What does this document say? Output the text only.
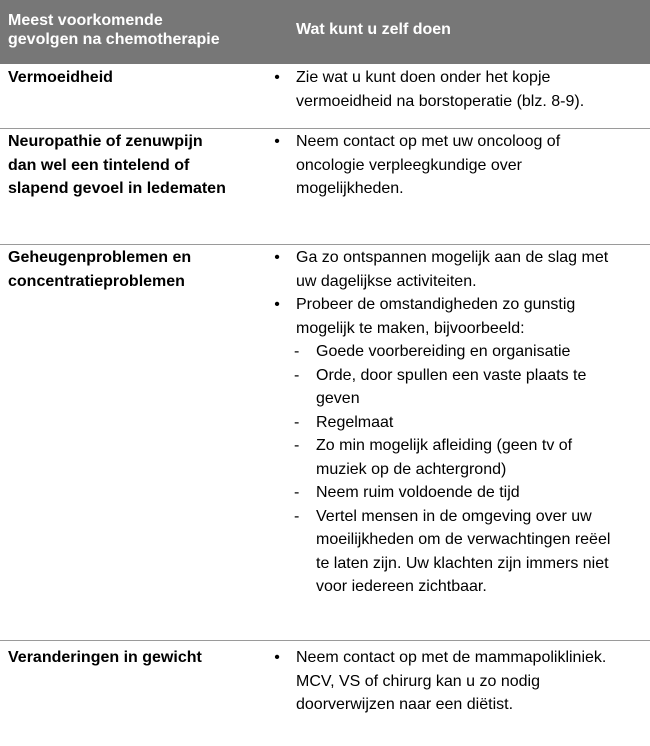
Meest voorkomende
gevolgen na chemotherapie
Wat kunt u zelf doen
Vermoeidheid	• Zie wat u kunt doen onder het kopje
vermoeidheid na borstoperatie (blz. 8-9).
Neuropathie of zenuwpijn
dan wel een tintelend of
slapend gevoel in ledematen
• Neem contact op met uw oncoloog of
oncologie verpleegkundige over
mogelijkheden.
Geheugenproblemen en
concentratieproblemen
• Ga zo ontspannen mogelijk aan de slag met
uw dagelijkse activiteiten.
• Probeer de omstandigheden zo gunstig
mogelijk te maken, bijvoorbeeld:
- Goede voorbereiding en organisatie
- Orde, door spullen een vaste plaats te
geven
- Regelmaat
- Zo min mogelijk afleiding (geen tv of
muziek op de achtergrond)
- Neem ruim voldoende de tijd
- Vertel mensen in de omgeving over uw
moeilijkheden om de verwachtingen reëel
te laten zijn. Uw klachten zijn immers niet
voor iedereen zichtbaar.
Veranderingen in gewicht	• Neem contact op met de mammapolikliniek.
MCV, VS of chirurg kan u zo nodig
doorverwijzen naar een diëtist.
